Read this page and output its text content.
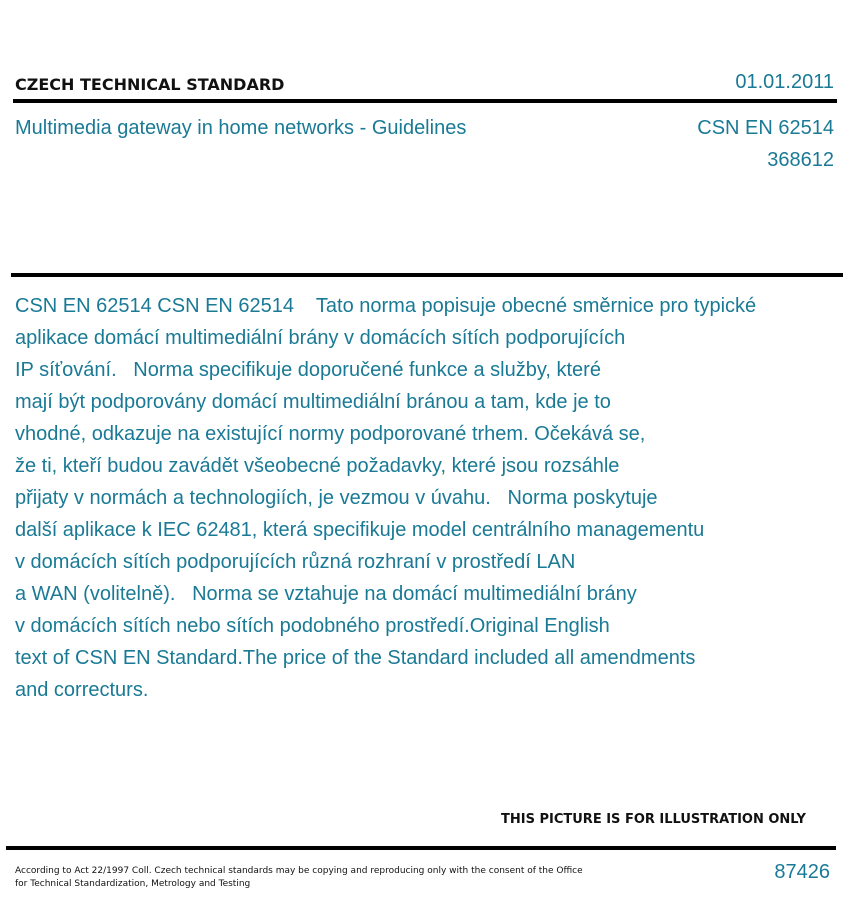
CZECH TECHNICAL STANDARD	01.01.2011
Multimedia gateway in home networks - Guidelines	CSN EN 62514
368612
CSN EN 62514 CSN EN 62514    Tato norma popisuje obecné směrnice pro typické
aplikace domácí multimediální brány v domácích sítích podporujících
IP síťování.   Norma specifikuje doporučené funkce a služby, které
mají být podporovány domácí multimediální bránou a tam, kde je to
vhodné, odkazuje na existující normy podporované trhem. Očekává se,
že ti, kteří budou zavádět všeobecné požadavky, které jsou rozsáhle
přijaty v normách a technologiích, je vezmou v úvahu.   Norma poskytuje
další aplikace k IEC 62481, která specifikuje model centrálního managementu
v domácích sítích podporujících různá rozhraní v prostředí LAN
a WAN (volitelně).   Norma se vztahuje na domácí multimediální brány
v domácích sítích nebo sítích podobného prostředí.Original English
text of CSN EN Standard.The price of the Standard included all amendments
and correcturs.
THIS PICTURE IS FOR ILLUSTRATION ONLY
According to Act 22/1997 Coll. Czech technical standards may be copying and reproducing only with the consent of the Office
for Technical Standardization, Metrology and Testing
87426
